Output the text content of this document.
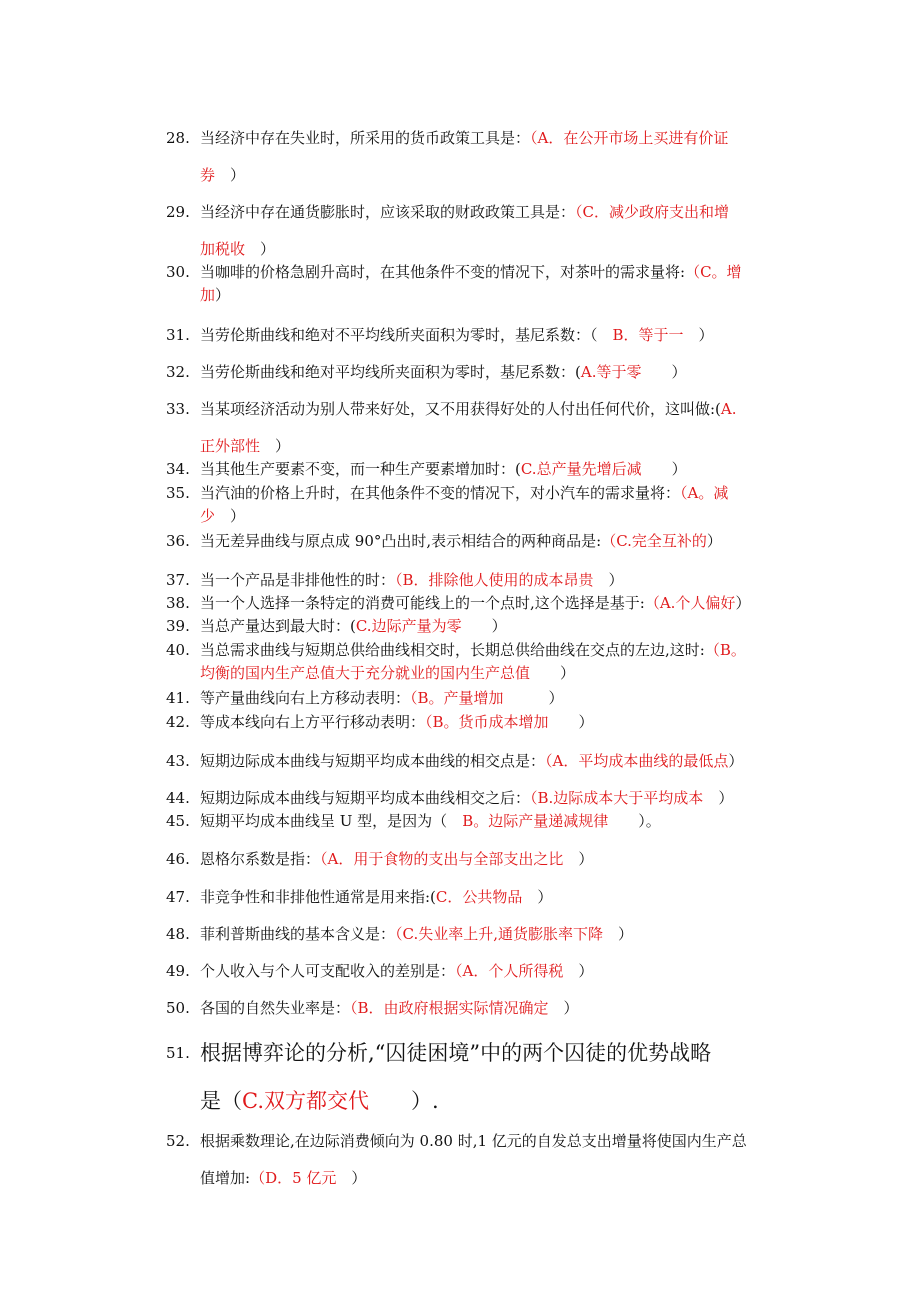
28. 当经济中存在失业时，所采用的货币政策工具是：（A．在公开市场上买进有价证
券　）
29. 当经济中存在通货膨胀时，应该采取的财政政策工具是：（C．减少政府支出和增
加税收　）
30. 当咖啡的价格急剧升高时，在其他条件不变的情况下，对茶叶的需求量将:（C。增
加）
31. 当劳伦斯曲线和绝对不平均线所夹面积为零时，基尼系数：（　B．等于一　）
32. 当劳伦斯曲线和绝对平均线所夹面积为零时，基尼系数：(A.等于零　　）
33. 当某项经济活动为别人带来好处，又不用获得好处的人付出任何代价，这叫做:(A.
正外部性　）
34. 当其他生产要素不变，而一种生产要素增加时：(C.总产量先增后减　　）
35. 当汽油的价格上升时，在其他条件不变的情况下，对小汽车的需求量将：（A。减
少　）
36. 当无差异曲线与原点成 90°凸出时,表示相结合的两种商品是:（C.完全互补的）
37. 当一个产品是非排他性的时：（B．排除他人使用的成本昂贵　）
38. 当一个人选择一条特定的消费可能线上的一个点时,这个选择是基于:（A.个人偏好）
39. 当总产量达到最大时：(C.边际产量为零　　）
40. 当总需求曲线与短期总供给曲线相交时，长期总供给曲线在交点的左边,这时:（B。
均衡的国内生产总值大于充分就业的国内生产总值　　）
41. 等产量曲线向右上方移动表明：（B。产量增加　　　）
42. 等成本线向右上方平行移动表明：（B。货币成本增加　　）
43. 短期边际成本曲线与短期平均成本曲线的相交点是：（A．平均成本曲线的最低点）
44. 短期边际成本曲线与短期平均成本曲线相交之后：（B.边际成本大于平均成本　）
45. 短期平均成本曲线呈 U 型，是因为（　B。边际产量递减规律　　）。
46. 恩格尔系数是指：（A．用于食物的支出与全部支出之比　）
47. 非竞争性和非排他性通常是用来指:(C．公共物品　）
48. 菲利普斯曲线的基本含义是：（C.失业率上升,通货膨胀率下降　）
49. 个人收入与个人可支配收入的差别是：（A．个人所得税　）
50. 各国的自然失业率是：（B．由政府根据实际情况确定　）
51. 根据博弈论的分析,“囚徒困境”中的两个囚徒的优势战略
是（C.双方都交代　　）.
52. 根据乘数理论,在边际消费倾向为 0.80 时,1 亿元的自发总支出增量将使国内生产总
值增加:（D．5 亿元　）
